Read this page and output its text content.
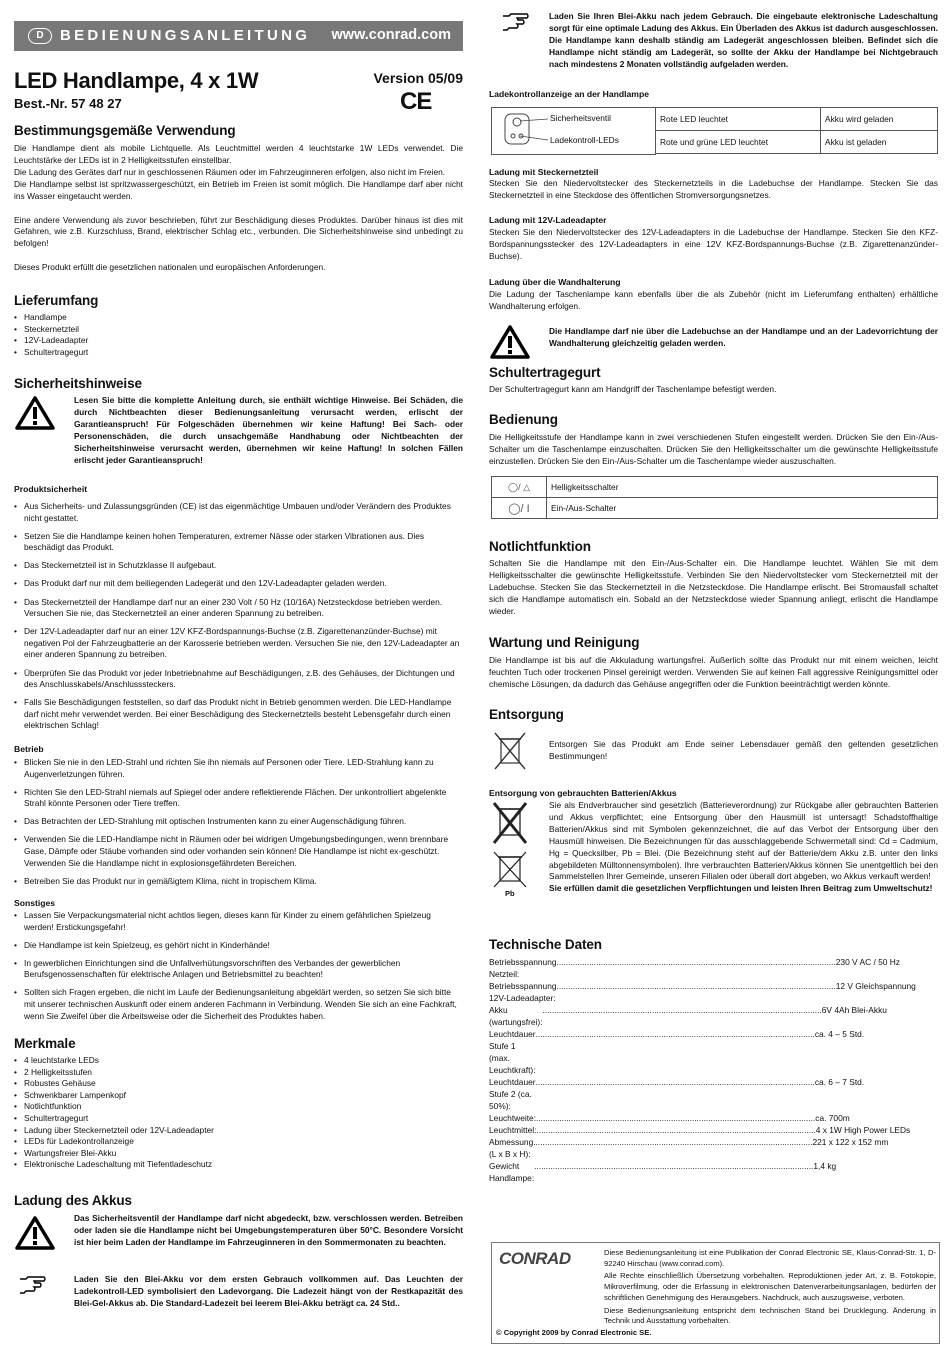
D	BEDIENUNGSANLEITUNG www.conrad.com
LED Handlampe, 4 x 1W	Version 05/09
Best.-Nr. 57 48 27	CE
Bestimmungsgemäße Verwendung

Die Handlampe dient als mobile Lichtquelle. Als Leuchtmittel werden 4 leuchtstarke 1W LEDs verwendet. Die Leuchtstärke der LEDs ist in 2 Helligkeitsstufen einstellbar.

Die Ladung des Gerätes darf nur in geschlossenen Räumen oder im Fahrzeuginneren erfolgen, also nicht im Freien.

Die Handlampe selbst ist spritzwassergeschützt, ein Betrieb im Freien ist somit möglich. Die Handlampe darf aber nicht ins Wasser eingetaucht werden.

Eine andere Verwendung als zuvor beschrieben, führt zur Beschädigung dieses Produktes. Darüber hinaus ist dies mit Gefahren, wie z.B. Kurzschluss, Brand, elektrischer Schlag etc., verbunden. Die Sicherheitshinweise sind unbedingt zu befolgen!

Dieses Produkt erfüllt die gesetzlichen nationalen und europäischen Anforderungen.

Lieferumfang
• Handlampe
• Steckernetzteil
• 12V-Ladeadapter
• Schultertragegurt
Sicherheitshinweise
Lesen Sie bitte die komplette Anleitung durch, sie enthält wichtige Hinweise. Bei Schäden, die durch Nichtbeachten dieser Bedienungsanleitung verursacht werden, erlischt der Garantieanspruch! Für Folgeschäden übernehmen wir keine Haftung! Bei Sach- oder Personenschäden, die durch unsachgemäße Handhabung oder Nichtbeachten der Sicherheitshinweise verursacht werden, übernehmen wir keine Haftung! In solchen Fällen erlischt jeder Garantieanspruch!
Produktsicherheit
• Aus Sicherheits- und Zulassungsgründen (CE) ist das eigenmächtige Umbauen und/oder Verändern des Produktes nicht gestattet.
• Setzen Sie die Handlampe keinen hohen Temperaturen, extremer Nässe oder starken Vibrationen aus. Dies beschädigt das Produkt.
• Das Steckernetzteil ist in Schutzklasse II aufgebaut.
• Das Produkt darf nur mit dem beiliegenden Ladegerät und den 12V-Ladeadapter geladen werden.
• Das Steckernetzteil der Handlampe darf nur an einer 230 Volt / 50 Hz (10/16A) Netzsteckdose betrieben werden. Versuchen Sie nie, das Steckernetzteil an einer anderen Spannung zu betreiben.
• Der 12V-Ladeadapter darf nur an einer 12V KFZ-Bordspannungs-Buchse (z.B. Zigarettenanzünder-Buchse) mit negativen Pol der Fahrzeugbatterie an der Karosserie betrieben werden. Versuchen Sie nie, den 12V-Ladeadapter an einer anderen Spannung zu betreiben.
• Überprüfen Sie das Produkt vor jeder Inbetriebnahme auf Beschädigungen, z.B. des Gehäuses, der Dichtungen und des Anschlusskabels/Anschlusssteckers.
• Falls Sie Beschädigungen feststellen, so darf das Produkt nicht in Betrieb genommen werden. Die LED-Handlampe darf nicht mehr verwendet werden. Bei einer Beschädigung des Steckernetzteils besteht Lebensgefahr durch einen elektrischen Schlag!
Betrieb
• Blicken Sie nie in den LED-Strahl und richten Sie ihn niemals auf Personen oder Tiere. LED-Strahlung kann zu Augenverletzungen führen.
• Richten Sie den LED-Strahl niemals auf Spiegel oder andere reflektierende Flächen. Der unkontrolliert abgelenkte Strahl könnte Personen oder Tiere treffen.
• Das Betrachten der LED-Strahlung mit optischen Instrumenten kann zu einer Augenschädigung führen.
• Verwenden Sie die LED-Handlampe nicht in Räumen oder bei widrigen Umgebungsbedingungen, wenn brennbare Gase, Dämpfe oder Stäube vorhanden sind oder vorhanden sein können! Die Handlampe ist nicht ex-geschützt. Verwenden Sie die Handlampe nicht in explosionsgefährdeten Bereichen.
• Betreiben Sie das Produkt nur in gemäßigtem Klima, nicht in tropischem Klima.
Sonstiges
• Lassen Sie Verpackungsmaterial nicht achtlos liegen, dieses kann für Kinder zu einem gefährlichen Spielzeug werden! Erstickungsgefahr!
• Die Handlampe ist kein Spielzeug, es gehört nicht in Kinderhände!
• In gewerblichen Einrichtungen sind die Unfallverhütungsvorschriften des Verbandes der gewerblichen Berufsgenossenschaften für elektrische Anlagen und Betriebsmittel zu beachten!
• Sollten sich Fragen ergeben, die nicht im Laufe der Bedienungsanleitung abgeklärt werden, so setzen Sie sich bitte mit unserer technischen Auskunft oder einem anderen Fachmann in Verbindung. Wenden Sie sich an eine Fachkraft, wenn Sie Zweifel über die Arbeitsweise oder die Sicherheit des Produktes haben.
Merkmale
• 4 leuchtstarke LEDs
• 2 Helligkeitsstufen
• Robustes Gehäuse
• Schwenkbarer Lampenkopf
• Notlichtfunktion
• Schultertragegurt
• Ladung über Steckernetzteil oder 12V-Ladeadapter
• LEDs für Ladekontrollanzeige
• Wartungsfreier Blei-Akku
• Elektronische Ladeschaltung mit Tiefentladeschutz
Ladung des Akkus
Das Sicherheitsventil der Handlampe darf nicht abgedeckt, bzw. verschlossen werden. Betreiben oder laden sie die Handlampe nicht bei Umgebungstemperaturen über 50°C. Besondere Vorsicht ist hier beim Laden der Handlampe im Fahrzeuginneren in den Sommermonaten zu beachten.
Laden Sie den Blei-Akku vor dem ersten Gebrauch vollkommen auf. Das Leuchten der Ladekontroll-LED symbolisiert den Ladevorgang. Die Ladezeit hängt von der Restkapazität des Blei-Gel-Akkus ab. Die Standard-Ladezeit bei leerem Blei-Akku beträgt ca. 24 Std..
Laden Sie Ihren Blei-Akku nach jedem Gebrauch. Die eingebaute elektronische Ladeschaltung sorgt für eine optimale Ladung des Akkus. Ein Überladen des Akkus ist dadurch ausgeschlossen. Die Handlampe kann deshalb ständig am Ladegerät angeschlossen bleiben. Befindet sich die Handlampe nicht ständig am Ladegerät, so sollte der Akku der Handlampe bei Nichtgebrauch nach mindestens 2 Monaten vollständig aufgeladen werden.
Ladekontrollanzeige an der Handlampe
Sicherheitsventil
Ladekontroll-LEDs
Rote LED leuchtet	Akku wird geladen
Rote und grüne LED leuchtet	Akku ist geladen
Ladung mit Steckernetzteil
Stecken Sie den Niedervoltstecker des Steckernetzteils in die Ladebuchse der Handlampe. Stecken Sie das Steckernetzteil in eine Steckdose des öffentlichen Stromversorgungsnetzes.
Ladung mit 12V-Ladeadapter
Stecken Sie den Niedervoltstecker des 12V-Ladeadapters in die Ladebuchse der Handlampe. Stecken Sie den KFZ-Bordspannungsstecker des 12V-Ladeadapters in eine 12V KFZ-Bordspannungs-Buchse (z.B. Zigarettenanzünder-Buchse).
Ladung über die Wandhalterung
Die Ladung der Taschenlampe kann ebenfalls über die als Zubehör (nicht im Lieferumfang enthalten) erhältliche Wandhalterung erfolgen.
Die Handlampe darf nie über die Ladebuchse an der Handlampe und an der Ladevorrichtung der Wandhalterung gleichzeitig geladen werden.
Schultertragegurt
Der Schultertragegurt kann am Handgriff der Taschenlampe befestigt werden.
Bedienung
Die Helligkeitsstufe der Handlampe kann in zwei verschiedenen Stufen eingestellt werden. Drücken Sie den Ein-/Aus-Schalter um die Taschenlampe einzuschalten. Drücken Sie den Helligkeitsschalter um die gewünschte Helligkeitsstufe einzustellen. Drücken Sie den Ein-/Aus-Schalter um die Taschenlampe wieder auszuschalten.
◯/ △	Helligkeitsschalter
◯/ I	Ein-/Aus-Schalter
Notlichtfunktion
Schalten Sie die Handlampe mit den Ein-/Aus-Schalter ein. Die Handlampe leuchtet. Wählen Sie mit dem Helligkeitsschalter die gewünschte Helligkeitsstufe. Verbinden Sie den Niedervoltstecker vom Steckernetzteil mit der Ladebuchse. Stecken Sie das Steckernetzteil in die Netzsteckdose. Die Handlampe erlischt. Bei Stromausfall schaltet sich die Handlampe automatisch ein. Sobald an der Netzsteckdose wieder Spannung anliegt, erlischt die Handlampe wieder.
Wartung und Reinigung
Die Handlampe ist bis auf die Akkuladung wartungsfrei. Äußerlich sollte das Produkt nur mit einem weichen, leicht feuchten Tuch oder trockenen Pinsel gereinigt werden. Verwenden Sie auf keinen Fall aggressive Reinigungsmittel oder chemische Lösungen, da dadurch das Gehäuse angegriffen oder die Funktion beeinträchtigt werden könnte.
Entsorgung
Entsorgen Sie das Produkt am Ende seiner Lebensdauer gemäß den geltenden gesetzlichen Bestimmungen!
Entsorgung von gebrauchten Batterien/Akkus
Pb

Sie als Endverbraucher sind gesetzlich (Batterieverordnung) zur Rückgabe aller gebrauchten Batterien und Akkus verpflichtet; eine Entsorgung über den Hausmüll ist untersagt! Schadstoffhaltige Batterien/Akkus sind mit Symbolen gekennzeichnet, die auf das Verbot der Entsorgung über den Hausmüll hinweisen. Die Bezeichnungen für das ausschlaggebende Schwermetall sind: Cd = Cadmium, Hg = Quecksilber, Pb = Blei. (Die Bezeichnung steht auf der Batterie/dem Akku z.B. unter den links abgebildeten Mülltonnensymbolen). Ihre verbrauchten Batterien/Akkus können Sie unentgeltlich bei den Sammelstellen Ihrer Gemeinde, unseren Filialen oder überall dort abgeben, wo Akkus verkauft werden!

Sie erfüllen damit die gesetzlichen Verpflichtungen und leisten Ihren Beitrag zum Umweltschutz!

Technische Daten
Betriebsspannung Netzteil:
........................................................................................................................ 230 V AC / 50 Hz
Betriebsspannung 12V-Ladeadapter:
........................................................................................................................ 12 V Gleichspannung
Akku (wartungsfrei):
........................................................................................................................ 6V 4Ah Blei-Akku
Leuchtdauer Stufe 1 (max. Leuchtkraft):
........................................................................................................................ ca. 4 – 5 Std.
Leuchtdauer Stufe 2 (ca. 50%):
........................................................................................................................ ca. 6 – 7 Std.
Leuchtweite: ........................................................................................................................ ca. 700m
Leuchtmittel: ........................................................................................................................ 4 x 1W High Power LEDs
Abmessung (L x B x H):
........................................................................................................................ 221 x 122 x 152 mm
Gewicht Handlampe:
........................................................................................................................ 1,4 kg
CONRAD	Diese Bedienungsanleitung ist eine Publikation der Conrad Electronic SE, Klaus-Conrad-Str. 1, D-92240 Hirschau (www.conrad.com).

Alle Rechte einschließlich Übersetzung vorbehalten. Reproduktionen jeder Art, z. B. Fotokopie, Mikroverfilmung, oder die Erfassung in elektronischen Datenverarbeitungsanlagen, bedürfen der schriftlichen Genehmigung des Herausgebers. Nachdruck, auch auszugsweise, verboten.

Diese Bedienungsanleitung entspricht dem technischen Stand bei Drucklegung. Änderung in Technik und Ausstattung vorbehalten.

© Copyright 2009 by Conrad Electronic SE.
